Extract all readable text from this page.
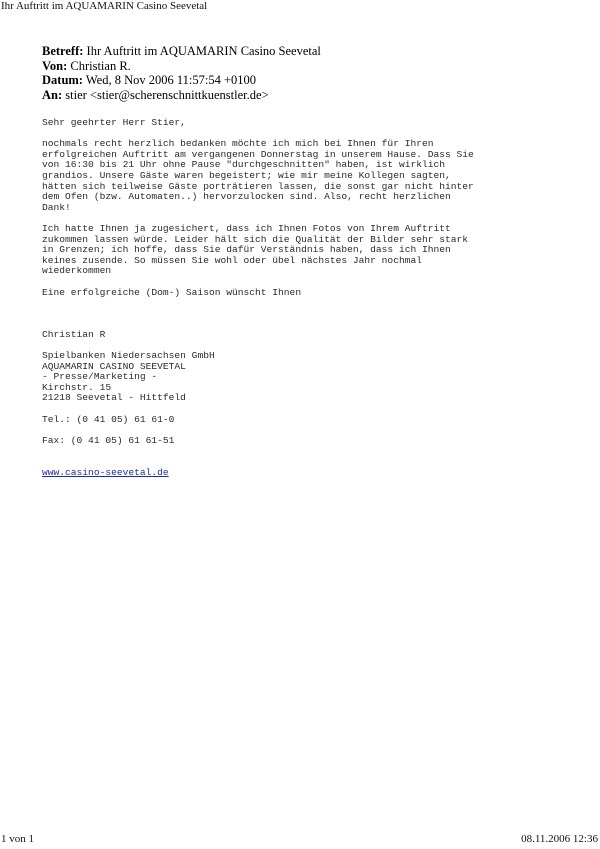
Ihr Auftritt im AQUAMARIN Casino Seevetal
Betreff: Ihr Auftritt im AQUAMARIN Casino Seevetal
Von: Christian R.
Datum: Wed, 8 Nov 2006 11:57:54 +0100
An: stier <stier@scherenschnittkuenstler.de>
Sehr geehrter Herr Stier,
nochmals recht herzlich bedanken möchte ich mich bei Ihnen für Ihren
erfolgreichen Auftritt am vergangenen Donnerstag in unserem Hause. Dass Sie
von 16:30 bis 21 Uhr ohne Pause "durchgeschnitten" haben, ist wirklich
grandios. Unsere Gäste waren begeistert; wie mir meine Kollegen sagten,
hätten sich teilweise Gäste porträtieren lassen, die sonst gar nicht hinter
dem Ofen (bzw. Automaten..) hervorzulocken sind. Also, recht herzlichen
Dank!
Ich hatte Ihnen ja zugesichert, dass ich Ihnen Fotos von Ihrem Auftritt
zukommen lassen würde. Leider hält sich die Qualität der Bilder sehr stark
in Grenzen; ich hoffe, dass Sie dafür Verständnis haben, dass ich Ihnen
keines zusende. So müssen Sie wohl oder übel nächstes Jahr nochmal
wiederkommen
Eine erfolgreiche (Dom-) Saison wünscht Ihnen
Christian R
Spielbanken Niedersachsen GmbH
AQUAMARIN CASINO SEEVETAL
- Presse/Marketing -
Kirchstr. 15
21218 Seevetal - Hittfeld
Tel.: (0 41 05) 61 61-0
Fax: (0 41 05) 61 61-51
www.casino-seevetal.de
1 von 1	08.11.2006 12:36
